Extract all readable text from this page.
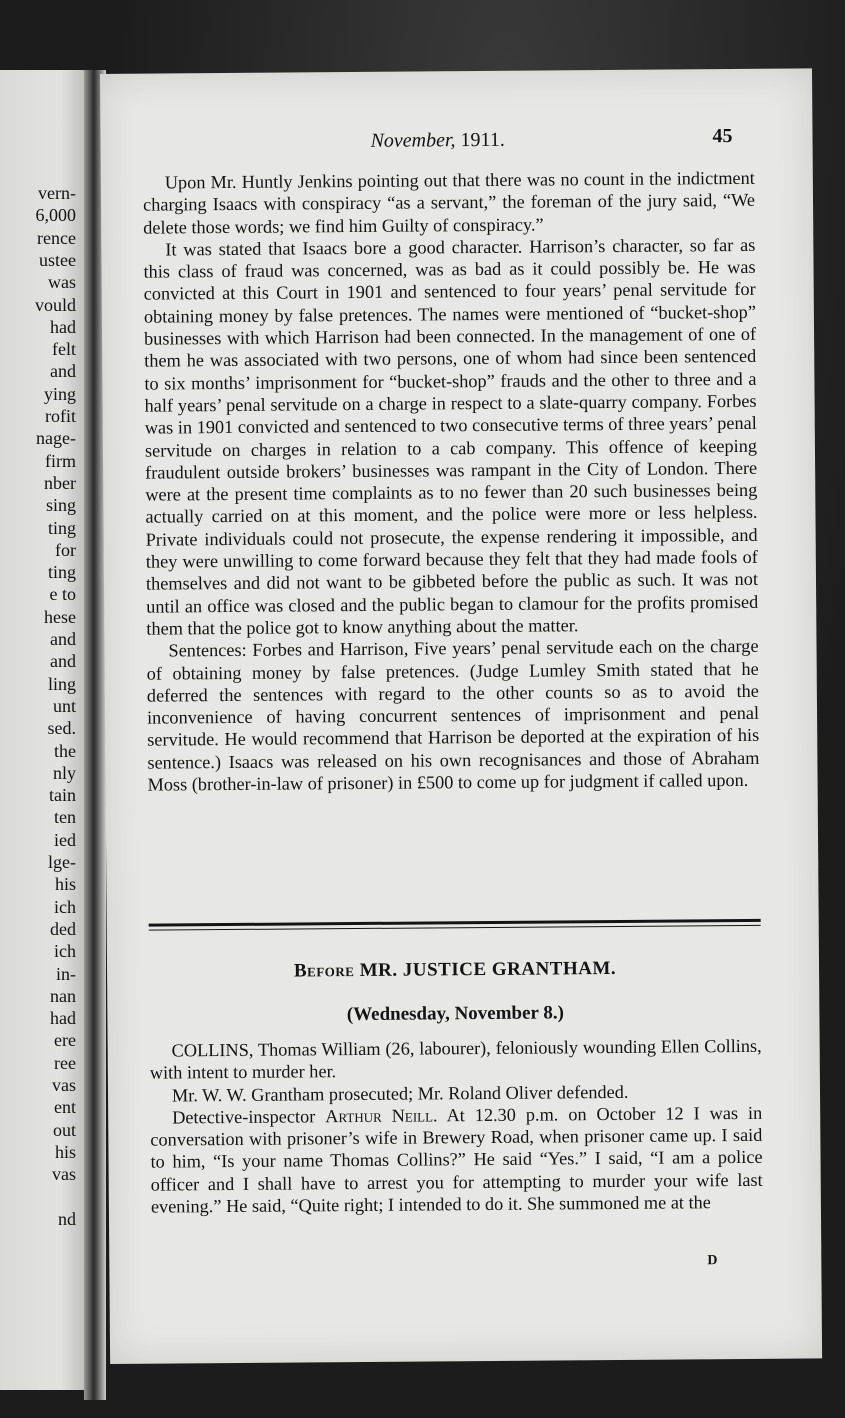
vern-
6,000
rence
ustee
was
vould
had
felt
and
ying
rofit
nage-
firm
nber
sing
ting
for
ting
e to
hese
and
and
ling
unt
sed.
the
nly
tain
ten
ied
lge-
his
ich
ded
ich
in-
nan
had
ere
ree
vas
ent
out
his
vas
nd
November, 1911.	45

Upon Mr. Huntly Jenkins pointing out that there was no count in the indictment charging Isaacs with conspiracy “as a servant,” the foreman of the jury said, “We delete those words; we find him Guilty of conspiracy.”

It was stated that Isaacs bore a good character. Harrison’s character, so far as this class of fraud was concerned, was as bad as it could possibly be. He was convicted at this Court in 1901 and sentenced to four years’ penal servitude for obtaining money by false pretences. The names were mentioned of “bucket-shop” businesses with which Harrison had been connected. In the management of one of them he was associated with two persons, one of whom had since been sentenced to six months’ imprisonment for “bucket-shop” frauds and the other to three and a half years’ penal servitude on a charge in respect to a slate-quarry company. Forbes was in 1901 convicted and sentenced to two consecutive terms of three years’ penal servitude on charges in relation to a cab company. This offence of keeping fraudulent outside brokers’ businesses was rampant in the City of London. There were at the present time complaints as to no fewer than 20 such businesses being actually carried on at this moment, and the police were more or less helpless. Private individuals could not prosecute, the expense rendering it impossible, and they were unwilling to come forward because they felt that they had made fools of themselves and did not want to be gibbeted before the public as such. It was not until an office was closed and the public began to clamour for the profits promised them that the police got to know anything about the matter.

Sentences: Forbes and Harrison, Five years’ penal servitude each on the charge of obtaining money by false pretences. (Judge Lumley Smith stated that he deferred the sentences with regard to the other counts so as to avoid the inconvenience of having concurrent sentences of imprisonment and penal servitude. He would recommend that Harrison be deported at the expiration of his sentence.) Isaacs was released on his own recognisances and those of Abraham Moss (brother-in-law of prisoner) in £500 to come up for judgment if called upon.

Before MR. JUSTICE GRANTHAM.
(Wednesday, November 8.)

COLLINS, Thomas William (26, labourer), feloniously wounding Ellen Collins, with intent to murder her.

Mr. W. W. Grantham prosecuted; Mr. Roland Oliver defended.

Detective-inspector Arthur Neill. At 12.30 p.m. on October 12 I was in conversation with prisoner’s wife in Brewery Road, when prisoner came up. I said to him, “Is your name Thomas Collins?” He said “Yes.” I said, “I am a police officer and I shall have to arrest you for attempting to murder your wife last evening.” He said, “Quite right; I intended to do it. She summoned me at the

D
